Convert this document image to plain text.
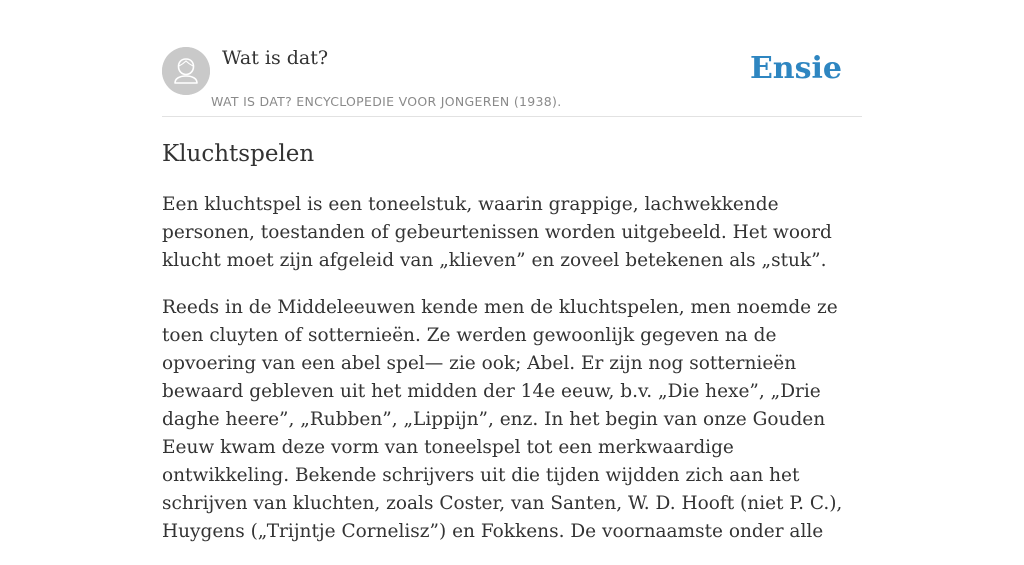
Wat is dat?
WAT IS DAT? ENCYCLOPEDIE VOOR JONGEREN (1938).
Ensie
Kluchtspelen

Een kluchtspel is een toneelstuk, waarin grappige, lachwekkende personen, toestanden of gebeurtenissen worden uitgebeeld. Het woord klucht moet zijn afgeleid van „klieven” en zoveel betekenen als „stuk”.

Reeds in de Middeleeuwen kende men de kluchtspelen, men noemde ze toen cluyten of sotternieën. Ze werden gewoonlijk gegeven na de opvoering van een abel spel— zie ook; Abel. Er zijn nog sotternieën bewaard gebleven uit het midden der 14e eeuw, b.v. „Die hexe”, „Drie daghe heere”, „Rubben”, „Lippijn”, enz. In het begin van onze Gouden Eeuw kwam deze vorm van toneelspel tot een merkwaardige ontwikkeling. Bekende schrijvers uit die tijden wijdden zich aan het schrijven van kluchten, zoals Coster, van Santen, W. D. Hooft (niet P. C.), Huygens („Trijntje Cornelisz”) en Fokkens. De voornaamste onder alle
